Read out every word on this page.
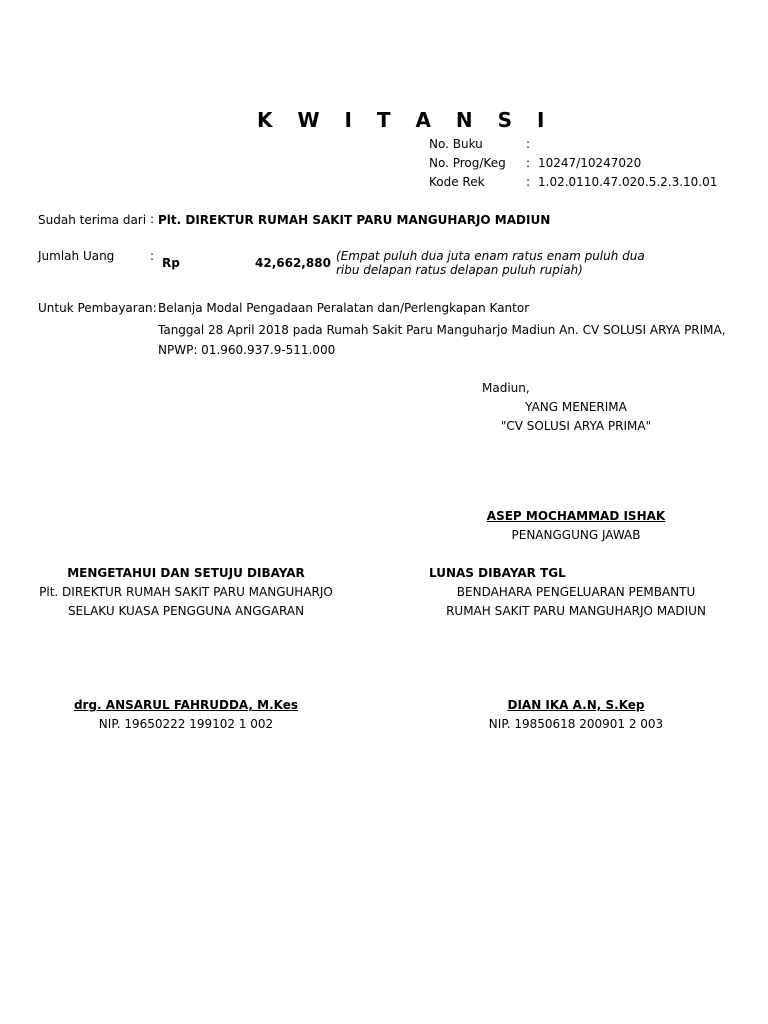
K W I T A N S I
No. Buku	:
No. Prog/Keg : 10247/10247020
Kode Rek	: 1.02.0110.47.020.5.2.3.10.01
Sudah terima dari : Plt. DIREKTUR RUMAH SAKIT PARU MANGUHARJO MADIUN
Jumlah Uang	: Rp	42,662,880 (Empat puluh dua juta enam ratus enam puluh dua ribu delapan ratus delapan puluh rupiah)
Untuk Pembayaran: Belanja Modal Pengadaan Peralatan dan/Perlengkapan Kantor
Tanggal 28 April 2018 pada Rumah Sakit Paru Manguharjo Madiun An. CV SOLUSI ARYA PRIMA,
NPWP: 01.960.937.9-511.000
Madiun,
YANG MENERIMA
"CV SOLUSI ARYA PRIMA"
ASEP MOCHAMMAD ISHAK
PENANGGUNG JAWAB
MENGETAHUI DAN SETUJU DIBAYAR
Plt. DIREKTUR RUMAH SAKIT PARU MANGUHARJO
SELAKU KUASA PENGGUNA ANGGARAN
drg. ANSARUL FAHRUDDA, M.Kes
NIP. 19650222 199102 1 002
LUNAS DIBAYAR TGL
BENDAHARA PENGELUARAN PEMBANTU
RUMAH SAKIT PARU MANGUHARJO MADIUN
DIAN IKA A.N, S.Kep
NIP. 19850618 200901 2 003
